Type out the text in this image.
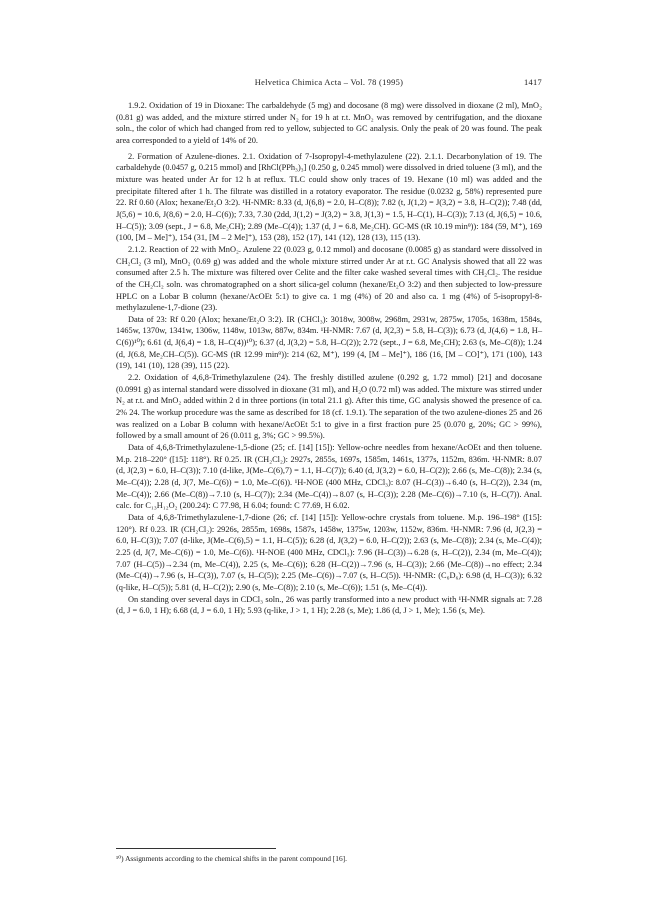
Helvetica Chimica Acta – Vol. 78 (1995)	1417

1.9.2. Oxidation of 19 in Dioxane: The carbaldehyde (5 mg) and docosane (8 mg) were dissolved in dioxane (2 ml), MnO₂ (0.81 g) was added, and the mixture stirred under N₂ for 19 h at r.t. MnO₂ was removed by centrifugation, and the dioxane soln., the color of which had changed from red to yellow, subjected to GC analysis. Only the peak of 20 was found. The peak area corresponded to a yield of 14% of 20.

2. Formation of Azulene-diones. 2.1. Oxidation of 7-Isopropyl-4-methylazulene (22). 2.1.1. Decarbonylation of 19. The carbaldehyde (0.0457 g, 0.215 mmol) and [RhCl(PPh₃)₃] (0.250 g, 0.245 mmol) were dissolved in dried toluene (3 ml), and the mixture was heated under Ar for 12 h at reflux. TLC could show only traces of 19. Hexane (10 ml) was added and the precipitate filtered after 1 h. The filtrate was distilled in a rotatory evaporator. The residue (0.0232 g, 58%) represented pure 22. Rf 0.60 (Alox; hexane/Et₂O 3:2). ¹H-NMR: 8.33 (d, J(6,8) = 2.0, H–C(8)); 7.82 (t, J(1,2) = J(3,2) = 3.8, H–C(2)); 7.48 (dd, J(5,6) = 10.6, J(8,6) = 2.0, H–C(6)); 7.33, 7.30 (2dd, J(1,2) = J(3,2) = 3.8, J(1,3) = 1.5, H–C(1), H–C(3)); 7.13 (d, J(6,5) = 10.6, H–C(5)); 3.09 (sept., J = 6.8, Me₂CH); 2.89 (Me–C(4)); 1.37 (d, J = 6.8, Me₂CH). GC-MS (tR 10.19 min⁹)): 184 (59, M⁺), 169 (100, [M – Me]⁺), 154 (31, [M – 2 Me]⁺), 153 (28), 152 (17), 141 (12), 128 (13), 115 (13).

2.1.2. Reaction of 22 with MnO₂. Azulene 22 (0.023 g, 0.12 mmol) and docosane (0.0085 g) as standard were dissolved in CH₂Cl₂ (3 ml), MnO₂ (0.69 g) was added and the whole mixture stirred under Ar at r.t. GC Analysis showed that all 22 was consumed after 2.5 h. The mixture was filtered over Celite and the filter cake washed several times with CH₂Cl₂. The residue of the CH₂Cl₂ soln. was chromatographed on a short silica-gel column (hexane/Et₂O 3:2) and then subjected to low-pressure HPLC on a Lobar B column (hexane/AcOEt 5:1) to give ca. 1 mg (4%) of 20 and also ca. 1 mg (4%) of 5-isopropyl-8-methylazulene-1,7-dione (23).

Data of 23: Rf 0.20 (Alox; hexane/Et₂O 3:2). IR (CHCl₃): 3018w, 3008w, 2968m, 2931w, 2875w, 1705s, 1638m, 1584s, 1465w, 1370w, 1341w, 1306w, 1148w, 1013w, 887w, 834m. ¹H-NMR: 7.67 (d, J(2,3) = 5.8, H–C(3)); 6.73 (d, J(4,6) = 1.8, H–C(6))¹⁰); 6.61 (d, J(6,4) = 1.8, H–C(4))¹⁰); 6.37 (d, J(3,2) = 5.8, H–C(2)); 2.72 (sept., J = 6.8, Me₂CH); 2.63 (s, Me–C(8)); 1.24 (d, J(6.8, Me₂CH–C(5)). GC-MS (tR 12.99 min⁹)): 214 (62, M⁺), 199 (4, [M – Me]⁺), 186 (16, [M – CO]⁺), 171 (100), 143 (19), 141 (10), 128 (39), 115 (22).

2.2. Oxidation of 4,6,8-Trimethylazulene (24). The freshly distilled azulene (0.292 g, 1.72 mmol) [21] and docosane (0.0991 g) as internal standard were dissolved in dioxane (31 ml), and H₂O (0.72 ml) was added. The mixture was stirred under N₂ at r.t. and MnO₂ added within 2 d in three portions (in total 21.1 g). After this time, GC analysis showed the presence of ca. 2% 24. The workup procedure was the same as described for 18 (cf. 1.9.1). The separation of the two azulene-diones 25 and 26 was realized on a Lobar B column with hexane/AcOEt 5:1 to give in a first fraction pure 25 (0.070 g, 20%; GC > 99%), followed by a small amount of 26 (0.011 g, 3%; GC > 99.5%).

Data of 4,6,8-Trimethylazulene-1,5-dione (25; cf. [14] [15]): Yellow-ochre needles from hexane/AcOEt and then toluene. M.p. 218–220° ([15]: 118°). Rf 0.25. IR (CH₂Cl₂): 2927s, 2855s, 1697s, 1585m, 1461s, 1377s, 1152m, 836m. ¹H-NMR: 8.07 (d, J(2,3) = 6.0, H–C(3)); 7.10 (d-like, J(Me–C(6),7) = 1.1, H–C(7)); 6.40 (d, J(3,2) = 6.0, H–C(2)); 2.66 (s, Me–C(8)); 2.34 (s, Me–C(4)); 2.28 (d, J(7, Me–C(6)) = 1.0, Me–C(6)). ¹H-NOE (400 MHz, CDCl₃): 8.07 (H–C(3))→6.40 (s, H–C(2)), 2.34 (m, Me–C(4)); 2.66 (Me–C(8))→7.10 (s, H–C(7)); 2.34 (Me–C(4))→8.07 (s, H–C(3)); 2.28 (Me–C(6))→7.10 (s, H–C(7)). Anal. calc. for C₁₃H₁₂O₂ (200.24): C 77.98, H 6.04; found: C 77.69, H 6.02.

Data of 4,6,8-Trimethylazulene-1,7-dione (26; cf. [14] [15]): Yellow-ochre crystals from toluene. M.p. 196–198° ([15]: 120°). Rf 0.23. IR (CH₂Cl₂): 2926s, 2855m, 1698s, 1587s, 1458w, 1375w, 1203w, 1152w, 836m. ¹H-NMR: 7.96 (d, J(2,3) = 6.0, H–C(3)); 7.07 (d-like, J(Me–C(6),5) = 1.1, H–C(5)); 6.28 (d, J(3,2) = 6.0, H–C(2)); 2.63 (s, Me–C(8)); 2.34 (s, Me–C(4)); 2.25 (d, J(7, Me–C(6)) = 1.0, Me–C(6)). ¹H-NOE (400 MHz, CDCl₃): 7.96 (H–C(3))→6.28 (s, H–C(2)), 2.34 (m, Me–C(4)); 7.07 (H–C(5))→2.34 (m, Me–C(4)), 2.25 (s, Me–C(6)); 6.28 (H–C(2))→7.96 (s, H–C(3)); 2.66 (Me–C(8))→no effect; 2.34 (Me–C(4))→7.96 (s, H–C(3)), 7.07 (s, H–C(5)); 2.25 (Me–C(6))→7.07 (s, H–C(5)). ¹H-NMR: (C₆D₆): 6.98 (d, H–C(3)); 6.32 (q-like, H–C(5)); 5.81 (d, H–C(2)); 2.90 (s, Me–C(8)); 2.10 (s, Me–C(6)); 1.51 (s, Me–C(4)).

On standing over several days in CDCl₃ soln., 26 was partly transformed into a new product with ¹H-NMR signals at: 7.28 (d, J = 6.0, 1 H); 6.68 (d, J = 6.0, 1 H); 5.93 (q-like, J > 1, 1 H); 2.28 (s, Me); 1.86 (d, J > 1, Me); 1.56 (s, Me).

¹⁰) Assignments according to the chemical shifts in the parent compound [16].
